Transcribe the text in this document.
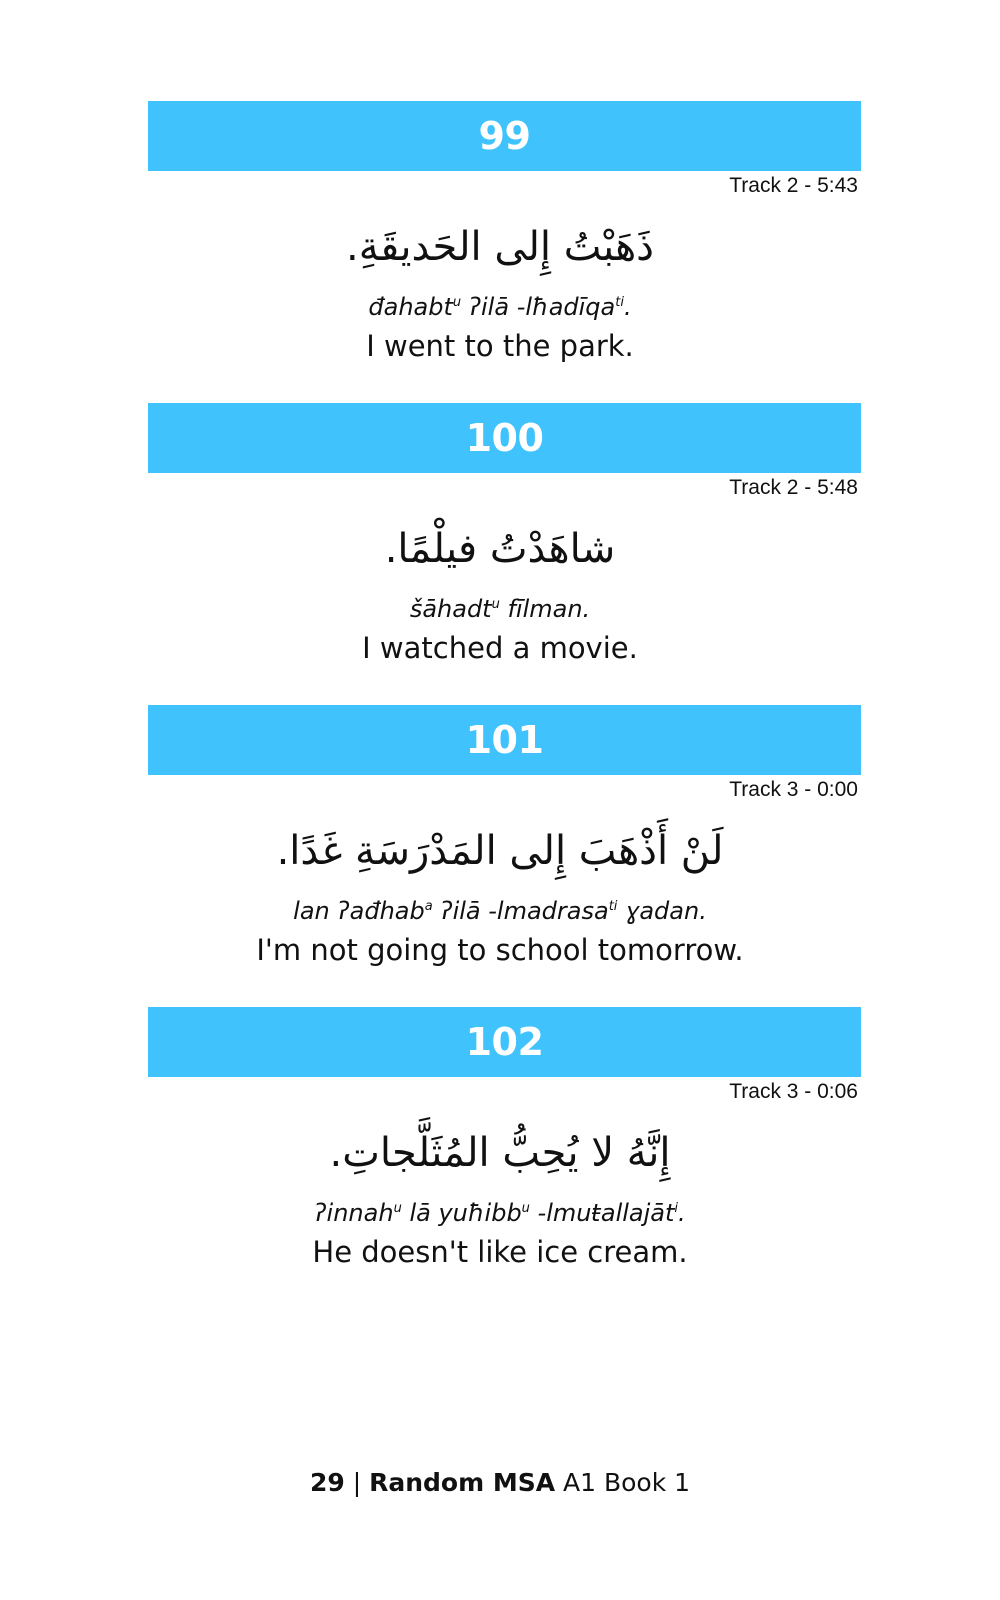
99
Track 2 - 5:43
ذَهَبْتُ إِلى الحَديقَةِ.
đahabt$^u$ ʔilā -lħadīqa$^{ti}$.
I went to the park.
100
Track 2 - 5:48
شاهَدْتُ فيلْمًا.
šāhadt$^u$ fīlman.
I watched a movie.
101
Track 3 - 0:00
لَنْ أَذْهَبَ إِلى المَدْرَسَةِ غَدًا.
lan ʔađhab$^a$ ʔilā -lmadrasa$^{ti}$ ɣadan.
I'm not going to school tomorrow.
102
Track 3 - 0:06
إِنَّهُ لا يُحِبُّ المُثَلَّجاتِ.
ʔinnah$^u$ lā yuħibb$^u$ -lmuŧallajāt$^i$.
He doesn't like ice cream.
29 | Random MSA A1 Book 1
